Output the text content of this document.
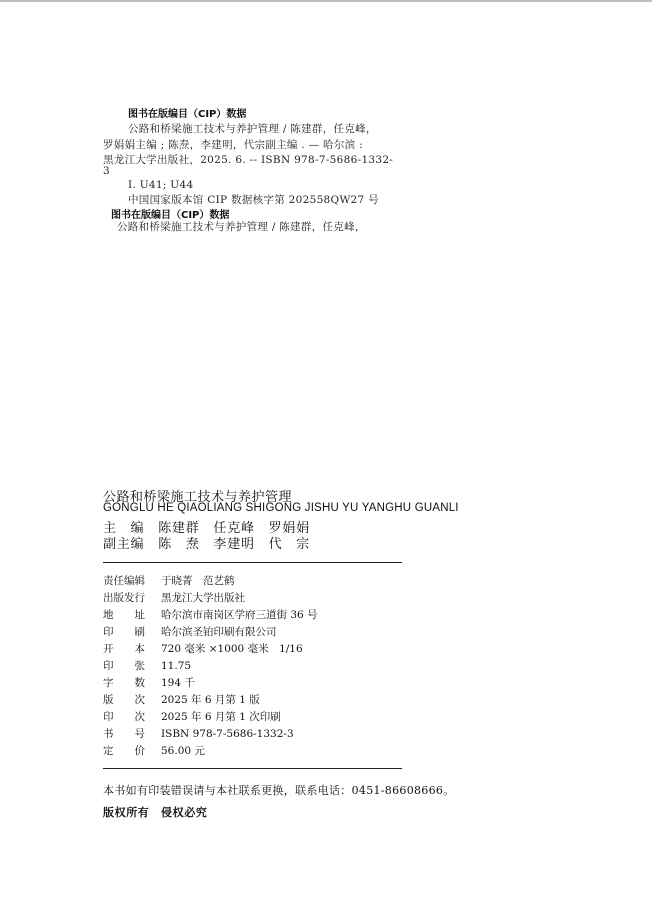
图书在版编目（CIP）数据
公路和桥梁施工技术与养护管理 / 陈建群，任克峰，
罗娟娟主编 ; 陈焘，李建明，代宗副主编 . — 哈尔滨 :
黑龙江大学出版社，2025. 6. -- ISBN 978-7-5686-1332-
3
Ⅰ. U41; U44
中国国家版本馆 CIP 数据核字第 202558QW27 号
图书在版编目（CIP）数据
公路和桥梁施工技术与养护管理 / 陈建群，任克峰，
公路和桥梁施工技术与养护管理
GONGLU HE QIAOLIANG SHIGONG JISHU YU YANGHU GUANLI
主　编　陈建群　任克峰　罗娟娟
副主编　陈　焘　李建明　代　宗
责任编辑 于晓菁　范艺鹤
出版发行 黑龙江大学出版社
地　　址 哈尔滨市南岗区学府三道街 36 号
印　　刷 哈尔滨圣铂印刷有限公司
开　　本 720 毫米 ×1000 毫米　1/16
印　　张 11.75
字　　数 194 千
版　　次 2025 年 6 月第 1 版
印　　次 2025 年 6 月第 1 次印刷
书　　号 ISBN 978-7-5686-1332-3
定　　价 56.00 元
本书如有印装错误请与本社联系更换，联系电话：0451-86608666。
版权所有　侵权必究
